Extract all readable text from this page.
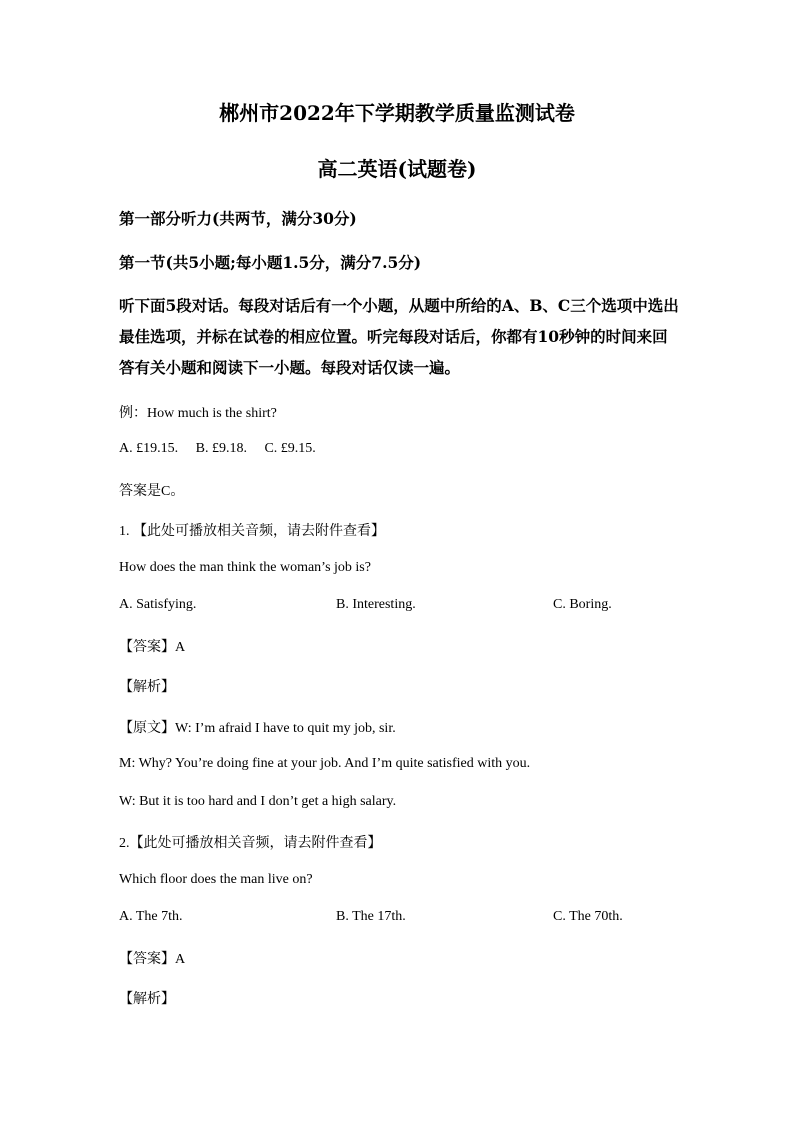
郴州市2022年下学期教学质量监测试卷
高二英语(试题卷)
第一部分听力(共两节，满分30分)
第一节(共5小题;每小题1.5分，满分7.5分)
听下面5段对话。每段对话后有一个小题，从题中所给的A、B、C三个选项中选出最佳选项，并标在试卷的相应位置。听完每段对话后，你都有10秒钟的时间来回答有关小题和阅读下一小题。每段对话仅读一遍。
例：How much is the shirt?
A. £19.15.     B. £9.18.     C. £9.15.
答案是C。
1. 【此处可播放相关音频，请去附件查看】
How does the man think the woman’s job is?
A. Satisfying.	B. Interesting.	C. Boring.
【答案】A
【解析】
【原文】W: I’m afraid I have to quit my job, sir.
M: Why? You’re doing fine at your job. And I’m quite satisfied with you.
W: But it is too hard and I don’t get a high salary.
2.【此处可播放相关音频，请去附件查看】
Which floor does the man live on?
A. The 7th.	B. The 17th.	C. The 70th.
【答案】A
【解析】
